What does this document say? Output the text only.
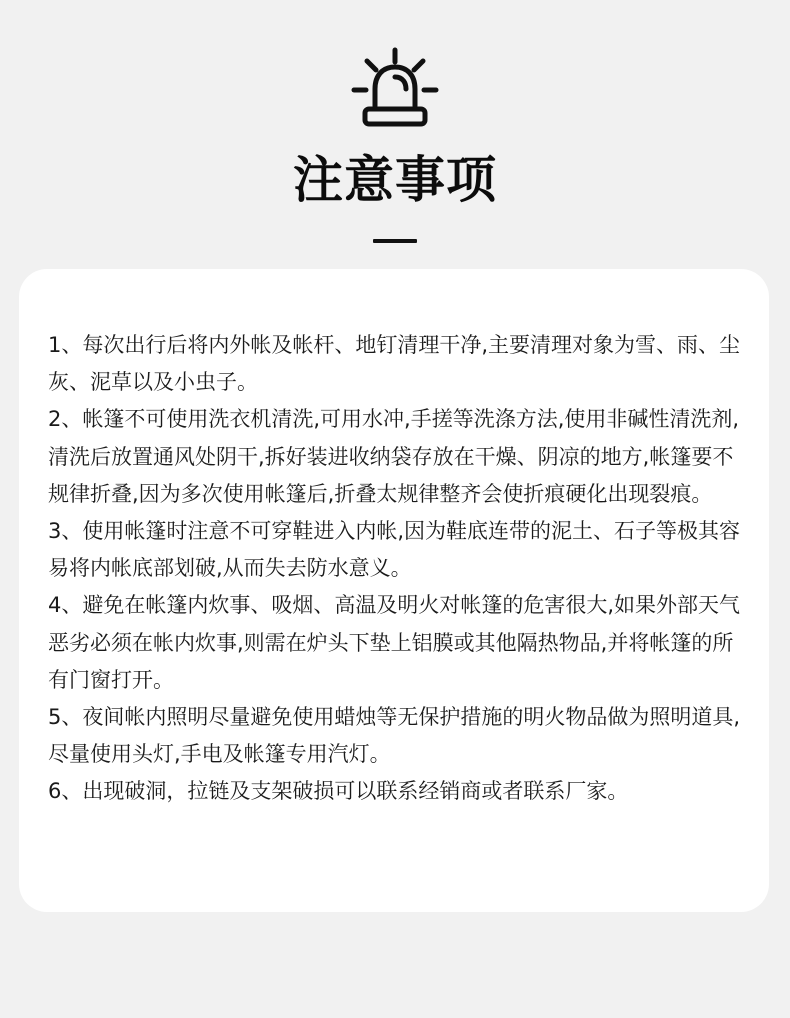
注意事项
1、每次出行后将内外帐及帐杆、地钉清理干净,主要清理对象为雪、雨、尘灰、泥草以及小虫子。
2、帐篷不可使用洗衣机清洗,可用水冲,手搓等洗涤方法,使用非碱性清洗剂,清洗后放置通风处阴干,拆好装进收纳袋存放在干燥、阴凉的地方,帐篷要不规律折叠,因为多次使用帐篷后,折叠太规律整齐会使折痕硬化出现裂痕。
3、使用帐篷时注意不可穿鞋进入内帐,因为鞋底连带的泥土、石子等极其容易将内帐底部划破,从而失去防水意义。
4、避免在帐篷内炊事、吸烟、高温及明火对帐篷的危害很大,如果外部天气恶劣必须在帐内炊事,则需在炉头下垫上铝膜或其他隔热物品,并将帐篷的所有门窗打开。
5、夜间帐内照明尽量避免使用蜡烛等无保护措施的明火物品做为照明道具,尽量使用头灯,手电及帐篷专用汽灯。
6、出现破洞，拉链及支架破损可以联系经销商或者联系厂家。
